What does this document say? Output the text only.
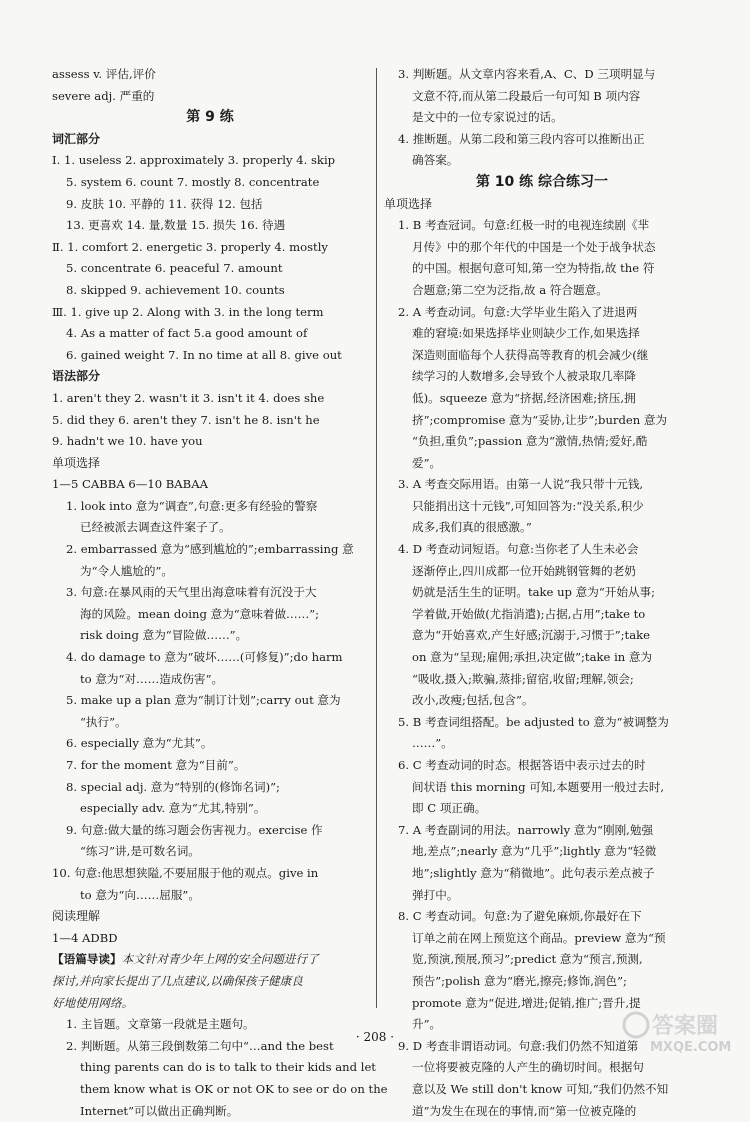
assess v. 评估,评价
severe adj. 严重的
第 9 练
词汇部分
Ⅰ. 1. useless 2. approximately 3. properly 4. skip
5. system 6. count 7. mostly 8. concentrate
9. 皮肤 10. 平静的 11. 获得 12. 包括
13. 更喜欢 14. 量,数量 15. 损失 16. 待遇
Ⅱ. 1. comfort 2. energetic 3. properly 4. mostly
5. concentrate 6. peaceful 7. amount
8. skipped 9. achievement 10. counts
Ⅲ. 1. give up 2. Along with 3. in the long term
4. As a matter of fact 5.a good amount of
6. gained weight 7. In no time at all 8. give out
语法部分
1. aren't they 2. wasn't it 3. isn't it 4. does she
5. did they 6. aren't they 7. isn't he 8. isn't he
9. hadn't we 10. have you
单项选择
1—5 CABBA 6—10 BABAA
1. look into 意为“调查”,句意:更多有经验的警察
已经被派去调查这件案子了。
2. embarrassed 意为“感到尴尬的”;embarrassing 意
为“令人尴尬的”。
3. 句意:在暴风雨的天气里出海意味着有沉没于大
海的风险。mean doing 意为“意味着做……”;
risk doing 意为“冒险做……”。
4. do damage to 意为“破坏……(可修复)”;do harm
to 意为“对……造成伤害”。
5. make up a plan 意为“制订计划”;carry out 意为
“执行”。
6. especially 意为“尤其”。
7. for the moment 意为“目前”。
8. special adj. 意为“特别的(修饰名词)”;
especially adv. 意为“尤其,特别”。
9. 句意:做大量的练习题会伤害视力。exercise 作
“练习”讲,是可数名词。
10. 句意:他思想狭隘,不要屈服于他的观点。give in
to 意为“向……屈服”。
阅读理解
1—4 ADBD
【语篇导读】本文针对青少年上网的安全问题进行了
探讨,并向家长提出了几点建议,以确保孩子健康良
好地使用网络。
1. 主旨题。文章第一段就是主题句。
2. 判断题。从第三段倒数第二句中“…and the best
thing parents can do is to talk to their kids and let
them know what is OK or not OK to see or do on the
Internet”可以做出正确判断。
3. 判断题。从文章内容来看,A、C、D 三项明显与
文意不符,而从第二段最后一句可知 B 项内容
是文中的一位专家说过的话。
4. 推断题。从第二段和第三段内容可以推断出正
确答案。
第 10 练 综合练习一
单项选择
1. B 考查冠词。句意:红极一时的电视连续剧《芈
月传》中的那个年代的中国是一个处于战争状态
的中国。根据句意可知,第一空为特指,故 the 符
合题意;第二空为泛指,故 a 符合题意。
2. A 考查动词。句意:大学毕业生陷入了进退两
难的窘境:如果选择毕业则缺少工作,如果选择
深造则面临每个人获得高等教育的机会减少(继
续学习的人数增多,会导致个人被录取几率降
低)。squeeze 意为“挤据,经济困难;挤压,拥
挤”;compromise 意为“妥协,让步”;burden 意为
“负担,重负”;passion 意为“激情,热情;爱好,酷
爱”。
3. A 考查交际用语。由第一人说“我只带十元钱,
只能捐出这十元钱”,可知回答为:“没关系,积少
成多,我们真的很感激。”
4. D 考查动词短语。句意:当你老了人生未必会
逐渐停止,四川成都一位开始跳钢管舞的老奶
奶就是活生生的证明。take up 意为“开始从事;
学着做,开始做(尤指消遣);占据,占用”;take to
意为“开始喜欢,产生好感;沉溺于,习惯于”;take
on 意为“呈现;雇佣;承担,决定做”;take in 意为
“吸收,摄入;欺骗,蒸排;留宿,收留;理解,领会;
改小,改瘦;包括,包含”。
5. B 考查词组搭配。be adjusted to 意为“被调整为
……”。
6. C 考查动词的时态。根据答语中表示过去的时
间状语 this morning 可知,本题要用一般过去时,
即 C 项正确。
7. A 考查副词的用法。narrowly 意为“刚刚,勉强
地,差点”;nearly 意为“几乎”;lightly 意为“轻微
地”;slightly 意为“稍微地”。此句表示差点被子
弹打中。
8. C 考查动词。句意:为了避免麻烦,你最好在下
订单之前在网上预览这个商品。preview 意为“预
览,预演,预展,预习”;predict 意为“预言,预测,
预告”;polish 意为“磨光,擦亮;修饰,润色”;
promote 意为“促进,增进;促销,推广;晋升,提
升”。
9. D 考查非谓语动词。句意:我们仍然不知道第
一位将要被克隆的人产生的确切时间。根据句
意以及 We still don't know 可知,“我们仍然不知
道”为发生在现在的事情,而“第一位被克隆的
· 208 ·	答案圈
MXQE.COM
